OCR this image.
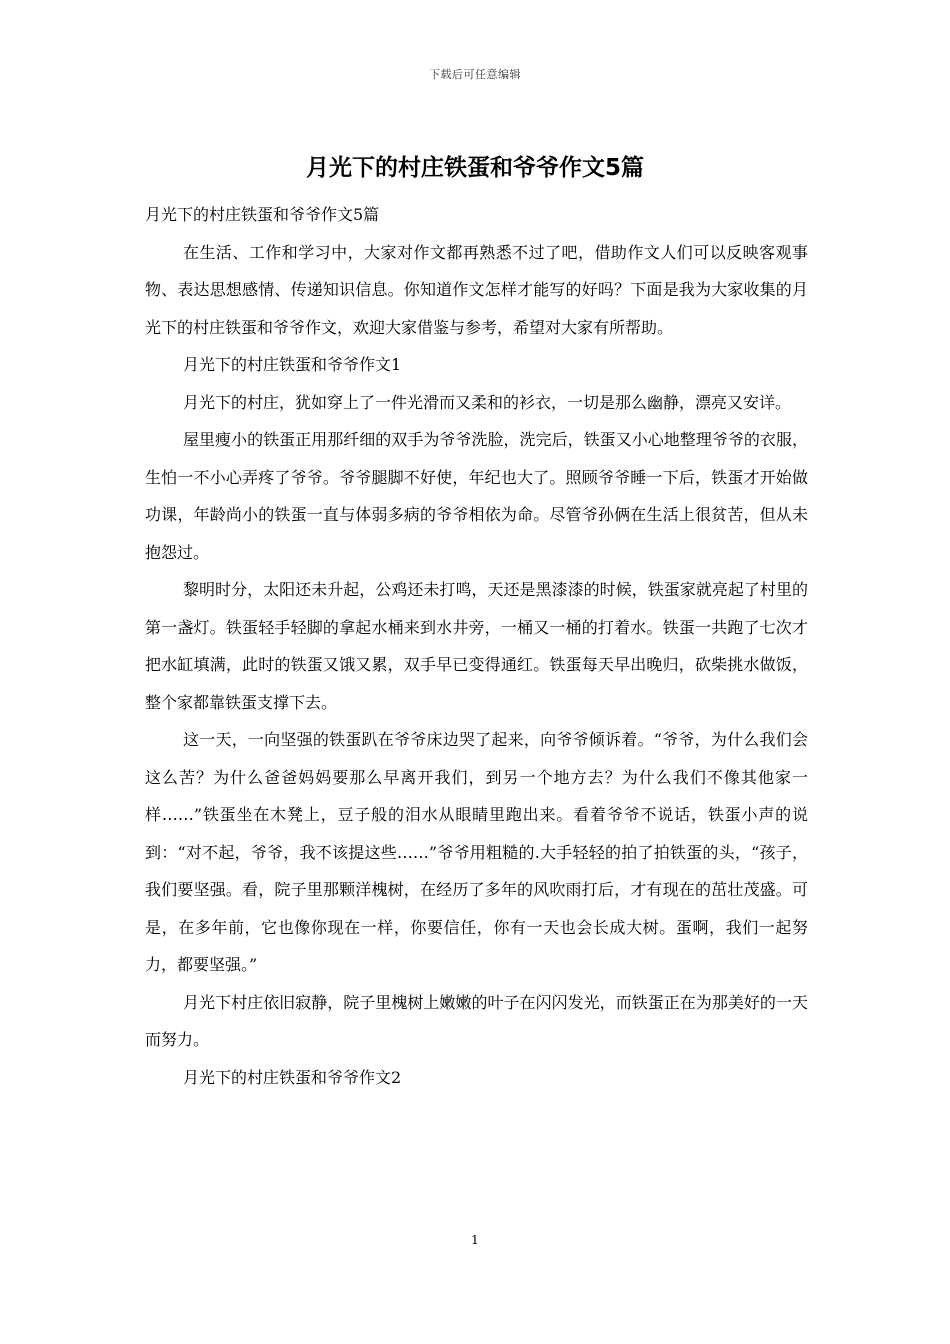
下载后可任意编辑
月光下的村庄铁蛋和爷爷作文5篇

月光下的村庄铁蛋和爷爷作文5篇

在生活、工作和学习中，大家对作文都再熟悉不过了吧，借助作文人们可以反映客观事物、表达思想感情、传递知识信息。你知道作文怎样才能写的好吗？下面是我为大家收集的月光下的村庄铁蛋和爷爷作文，欢迎大家借鉴与参考，希望对大家有所帮助。

月光下的村庄铁蛋和爷爷作文1

月光下的村庄，犹如穿上了一件光滑而又柔和的衫衣，一切是那么幽静，漂亮又安详。

屋里瘦小的铁蛋正用那纤细的双手为爷爷洗脸，洗完后，铁蛋又小心地整理爷爷的衣服，生怕一不小心弄疼了爷爷。爷爷腿脚不好使，年纪也大了。照顾爷爷睡一下后，铁蛋才开始做功课，年龄尚小的铁蛋一直与体弱多病的爷爷相依为命。尽管爷孙俩在生活上很贫苦，但从未抱怨过。

黎明时分，太阳还未升起，公鸡还未打鸣，天还是黑漆漆的时候，铁蛋家就亮起了村里的第一盏灯。铁蛋轻手轻脚的拿起水桶来到水井旁，一桶又一桶的打着水。铁蛋一共跑了七次才把水缸填满，此时的铁蛋又饿又累，双手早已变得通红。铁蛋每天早出晚归，砍柴挑水做饭，整个家都靠铁蛋支撑下去。

这一天，一向坚强的铁蛋趴在爷爷床边哭了起来，向爷爷倾诉着。“爷爷，为什么我们会这么苦？为什么爸爸妈妈要那么早离开我们，到另一个地方去？为什么我们不像其他家一样……”铁蛋坐在木凳上，豆子般的泪水从眼睛里跑出来。看着爷爷不说话，铁蛋小声的说到：“对不起，爷爷，我不该提这些……”爷爷用粗糙的.大手轻轻的拍了拍铁蛋的头，“孩子，我们要坚强。看，院子里那颗洋槐树，在经历了多年的风吹雨打后，才有现在的茁壮茂盛。可是，在多年前，它也像你现在一样，你要信任，你有一天也会长成大树。蛋啊，我们一起努力，都要坚强。”

月光下村庄依旧寂静，院子里槐树上嫩嫩的叶子在闪闪发光，而铁蛋正在为那美好的一天而努力。

月光下的村庄铁蛋和爷爷作文2

1
